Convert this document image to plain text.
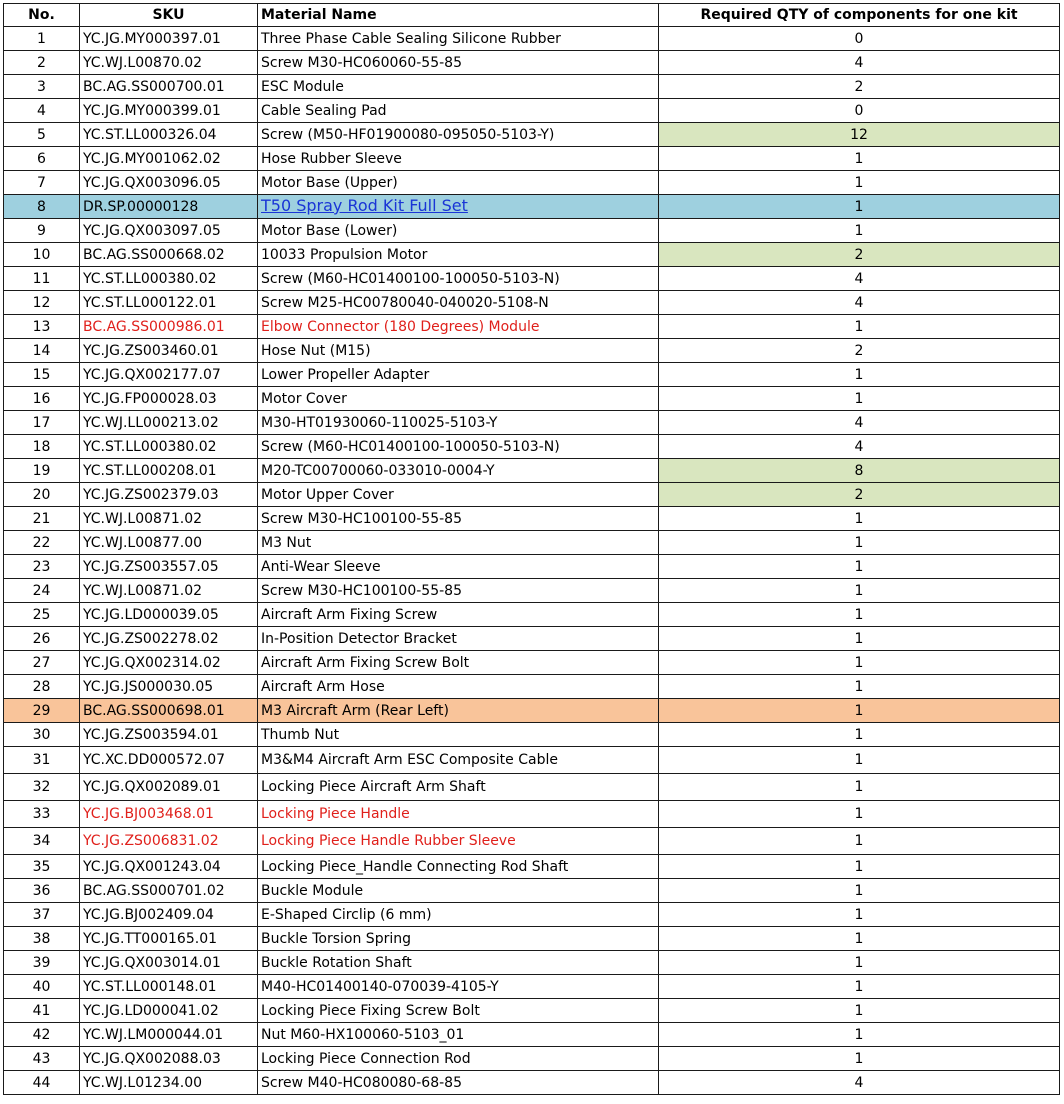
No.	SKU	Material Name	Required QTY of components for one kit
1	YC.JG.MY000397.01	Three Phase Cable Sealing Silicone Rubber	0
2	YC.WJ.L00870.02	Screw M30-HC060060-55-85	4
3	BC.AG.SS000700.01	ESC Module	2
4	YC.JG.MY000399.01	Cable Sealing Pad	0
5	YC.ST.LL000326.04	Screw (M50-HF01900080-095050-5103-Y)	12
6	YC.JG.MY001062.02	Hose Rubber Sleeve	1
7	YC.JG.QX003096.05	Motor Base (Upper)	1
8	DR.SP.00000128	T50 Spray Rod Kit Full Set	1
9	YC.JG.QX003097.05	Motor Base (Lower)	1
10	BC.AG.SS000668.02	10033 Propulsion Motor	2
11	YC.ST.LL000380.02	Screw (M60-HC01400100-100050-5103-N)	4
12	YC.ST.LL000122.01	Screw M25-HC00780040-040020-5108-N	4
13	BC.AG.SS000986.01	Elbow Connector (180 Degrees) Module	1
14	YC.JG.ZS003460.01	Hose Nut (M15)	2
15	YC.JG.QX002177.07	Lower Propeller Adapter	1
16	YC.JG.FP000028.03	Motor Cover	1
17	YC.WJ.LL000213.02	M30-HT01930060-110025-5103-Y	4
18	YC.ST.LL000380.02	Screw (M60-HC01400100-100050-5103-N)	4
19	YC.ST.LL000208.01	M20-TC00700060-033010-0004-Y	8
20	YC.JG.ZS002379.03	Motor Upper Cover	2
21	YC.WJ.L00871.02	Screw M30-HC100100-55-85	1
22	YC.WJ.L00877.00	M3 Nut	1
23	YC.JG.ZS003557.05	Anti-Wear Sleeve	1
24	YC.WJ.L00871.02	Screw M30-HC100100-55-85	1
25	YC.JG.LD000039.05	Aircraft Arm Fixing Screw	1
26	YC.JG.ZS002278.02	In-Position Detector Bracket	1
27	YC.JG.QX002314.02	Aircraft Arm Fixing Screw Bolt	1
28	YC.JG.JS000030.05	Aircraft Arm Hose	1
29	BC.AG.SS000698.01	M3 Aircraft Arm (Rear Left)	1
30	YC.JG.ZS003594.01	Thumb Nut	1
31	YC.XC.DD000572.07	M3&M4 Aircraft Arm ESC Composite Cable	1
32	YC.JG.QX002089.01	Locking Piece Aircraft Arm Shaft	1
33	YC.JG.BJ003468.01	Locking Piece Handle	1
34	YC.JG.ZS006831.02	Locking Piece Handle Rubber Sleeve	1
35	YC.JG.QX001243.04	Locking Piece_Handle Connecting Rod Shaft	1
36	BC.AG.SS000701.02	Buckle Module	1
37	YC.JG.BJ002409.04	E-Shaped Circlip (6 mm)	1
38	YC.JG.TT000165.01	Buckle Torsion Spring	1
39	YC.JG.QX003014.01	Buckle Rotation Shaft	1
40	YC.ST.LL000148.01	M40-HC01400140-070039-4105-Y	1
41	YC.JG.LD000041.02	Locking Piece Fixing Screw Bolt	1
42	YC.WJ.LM000044.01	Nut M60-HX100060-5103_01	1
43	YC.JG.QX002088.03	Locking Piece Connection Rod	1
44	YC.WJ.L01234.00	Screw M40-HC080080-68-85	4
